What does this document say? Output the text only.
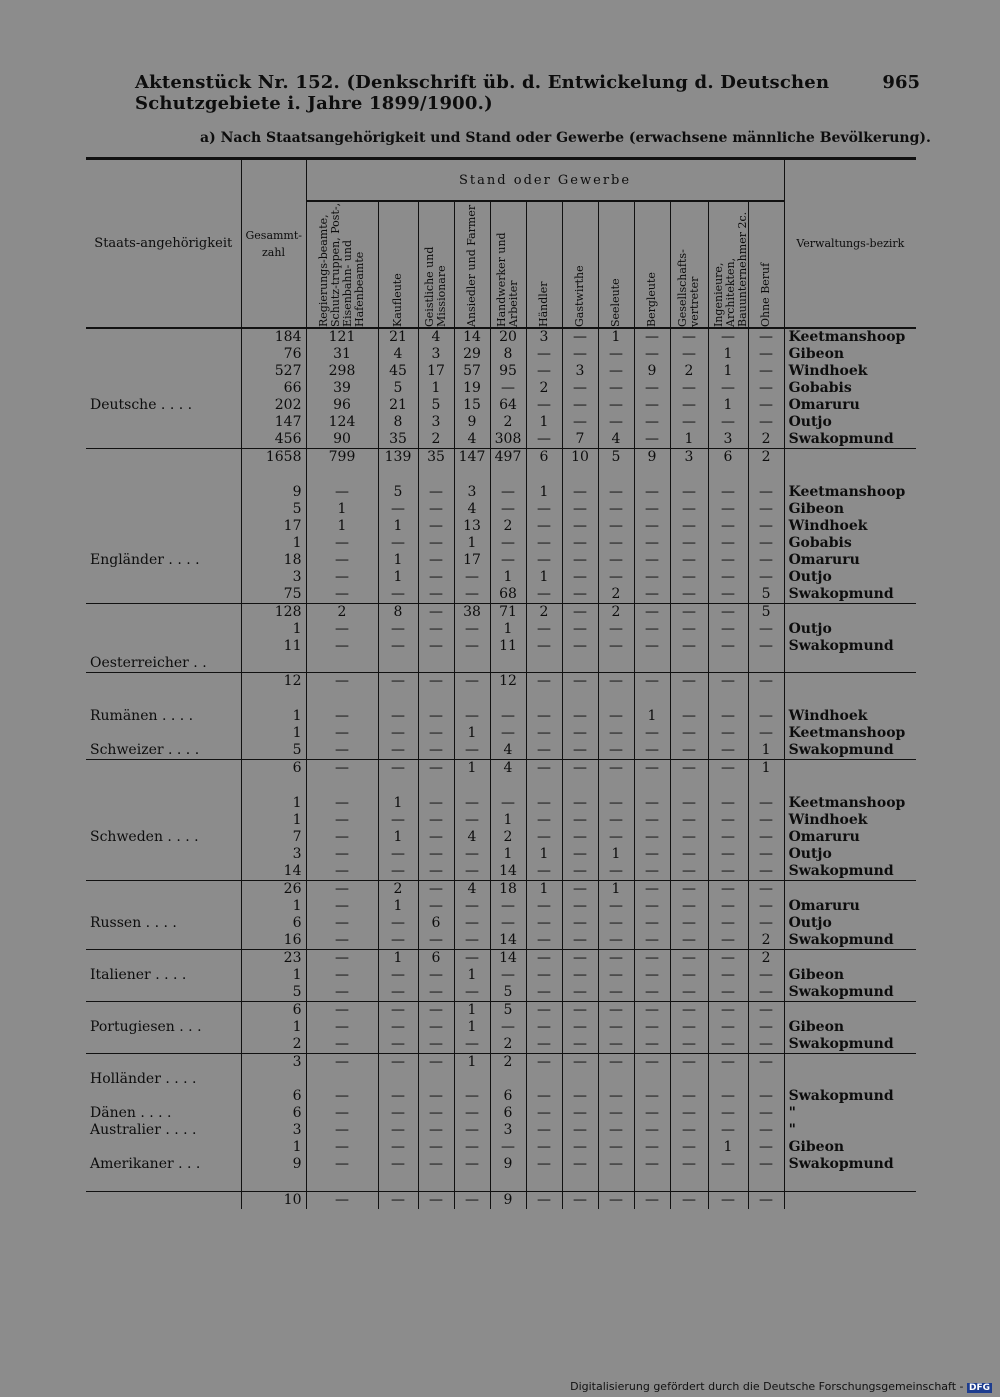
Aktenstück Nr. 152. (Denkschrift üb. d. Entwickelung d. Deutschen Schutzgebiete i. Jahre 1899/1900.)
965
a) Nach Staatsangehörigkeit und Stand oder Gewerbe (erwachsene männliche Bevölkerung).
Staats-angehörigkeit	Gesammt-zahl	Stand oder Gewerbe												Verwaltungs-bezirk

		Regierungs-beamte, Schutz-truppen, Post-, Eisenbahn- und Hafenbeamte	Kaufleute	Geistliche und Missionare	Ansiedler und Farmer	Handwerker und Arbeiter	Händler	Gastwirthe	Seeleute	Bergleute	Gesellschafts-vertreter	Ingenieure, Architekten, Bauunternehmer 2c.	Ohne Beruf	

	184	121	21	4	14	20	3	—	1	—	—	—	—	Keetmanshoop
	76	31	4	3	29	8	—	—	—	—	—	1	—	Gibeon
	527	298	45	17	57	95	—	3	—	9	2	1	—	Windhoek
	66	39	5	1	19	—	2	—	—	—	—	—	—	Gobabis
Deutsche . . . .	202	96	21	5	15	64	—	—	—	—	—	1	—	Omaruru
	147	124	8	3	9	2	1	—	—	—	—	—	—	Outjo
	456	90	35	2	4	308	—	7	4	—	1	3	2	Swakopmund
	1658	799	139	35	147	497	6	10	5	9	3	6	2	

	9	—	5	—	3	—	1	—	—	—	—	—	—	Keetmanshoop
	5	1	—	—	4	—	—	—	—	—	—	—	—	Gibeon
	17	1	1	—	13	2	—	—	—	—	—	—	—	Windhoek
	1	—	—	—	1	—	—	—	—	—	—	—	—	Gobabis
Engländer . . . .	18	—	1	—	17	—	—	—	—	—	—	—	—	Omaruru
	3	—	1	—	—	1	1	—	—	—	—	—	—	Outjo
	75	—	—	—	—	68	—	—	2	—	—	—	5	Swakopmund
	128	2	8	—	38	71	2	—	2	—	—	—	5	
	1	—	—	—	—	1	—	—	—	—	—	—	—	Outjo
	11	—	—	—	—	11	—	—	—	—	—	—	—	Swakopmund
Oesterreicher . .														
	12	—	—	—	—	12	—	—	—	—	—	—	—	

Rumänen . . . .	1	—	—	—	—	—	—	—	—	1	—	—	—	Windhoek
	1	—	—	—	1	—	—	—	—	—	—	—	—	Keetmanshoop
Schweizer . . . .	5	—	—	—	—	4	—	—	—	—	—	—	1	Swakopmund
	6	—	—	—	1	4	—	—	—	—	—	—	1	

	1	—	1	—	—	—	—	—	—	—	—	—	—	Keetmanshoop
	1	—	—	—	—	1	—	—	—	—	—	—	—	Windhoek
Schweden . . . .	7	—	1	—	4	2	—	—	—	—	—	—	—	Omaruru
	3	—	—	—	—	1	1	—	1	—	—	—	—	Outjo
	14	—	—	—	—	14	—	—	—	—	—	—	—	Swakopmund
	26	—	2	—	4	18	1	—	1	—	—	—	—	
	1	—	1	—	—	—	—	—	—	—	—	—	—	Omaruru
Russen . . . .	6	—	—	6	—	—	—	—	—	—	—	—	—	Outjo
	16	—	—	—	—	14	—	—	—	—	—	—	2	Swakopmund
	23	—	1	6	—	14	—	—	—	—	—	—	2	
Italiener . . . .	1	—	—	—	1	—	—	—	—	—	—	—	—	Gibeon
	5	—	—	—	—	5	—	—	—	—	—	—	—	Swakopmund
	6	—	—	—	1	5	—	—	—	—	—	—	—	
Portugiesen . . .	1	—	—	—	1	—	—	—	—	—	—	—	—	Gibeon
	2	—	—	—	—	2	—	—	—	—	—	—	—	Swakopmund
	3	—	—	—	1	2	—	—	—	—	—	—	—	
Holländer . . . .														
	6	—	—	—	—	6	—	—	—	—	—	—	—	Swakopmund
Dänen . . . .	6	—	—	—	—	6	—	—	—	—	—	—	—	"
Australier . . . .	3	—	—	—	—	3	—	—	—	—	—	—	—	"
	1	—	—	—	—	—	—	—	—	—	—	1	—	Gibeon
Amerikaner . . .	9	—	—	—	—	9	—	—	—	—	—	—	—	Swakopmund

	10	—	—	—	—	9	—	—	—	—	—	—	—	
Digitalisierung gefördert durch die Deutsche Forschungsgemeinschaft - DFG
